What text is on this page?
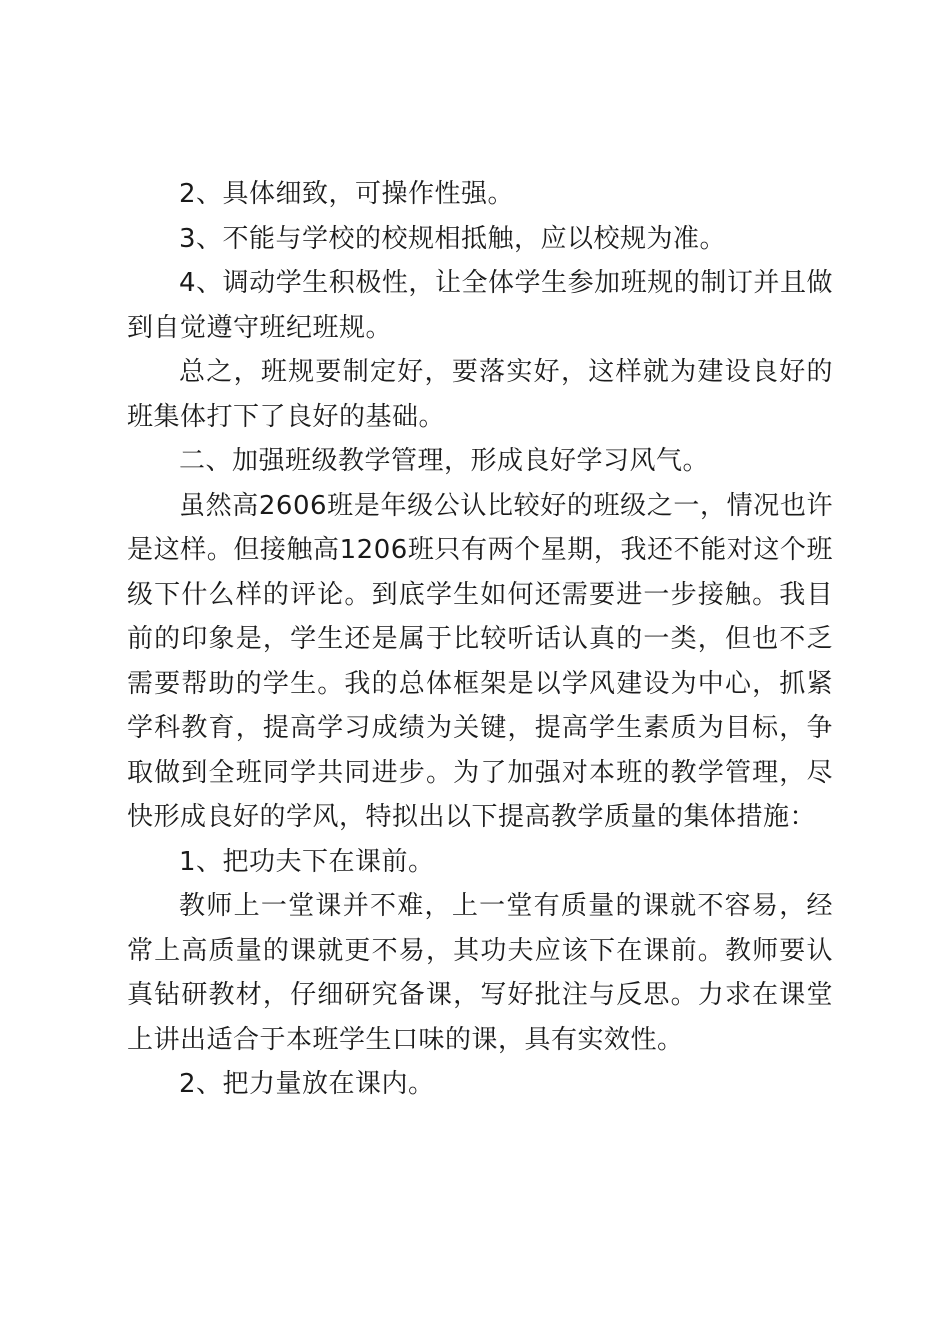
2、具体细致，可操作性强。

3、不能与学校的校规相抵触，应以校规为准。

4、调动学生积极性，让全体学生参加班规的制订并且做到自觉遵守班纪班规。

总之，班规要制定好，要落实好，这样就为建设良好的班集体打下了良好的基础。

二、加强班级教学管理，形成良好学习风气。

虽然高2606班是年级公认比较好的班级之一，情况也许是这样。但接触高1206班只有两个星期，我还不能对这个班级下什么样的评论。到底学生如何还需要进一步接触。我目前的印象是，学生还是属于比较听话认真的一类，但也不乏需要帮助的学生。我的总体框架是以学风建设为中心，抓紧学科教育，提高学习成绩为关键，提高学生素质为目标，争取做到全班同学共同进步。为了加强对本班的教学管理，尽快形成良好的学风，特拟出以下提高教学质量的集体措施：

1、把功夫下在课前。

教师上一堂课并不难，上一堂有质量的课就不容易，经常上高质量的课就更不易，其功夫应该下在课前。教师要认真钻研教材，仔细研究备课，写好批注与反思。力求在课堂上讲出适合于本班学生口味的课，具有实效性。

2、把力量放在课内。
